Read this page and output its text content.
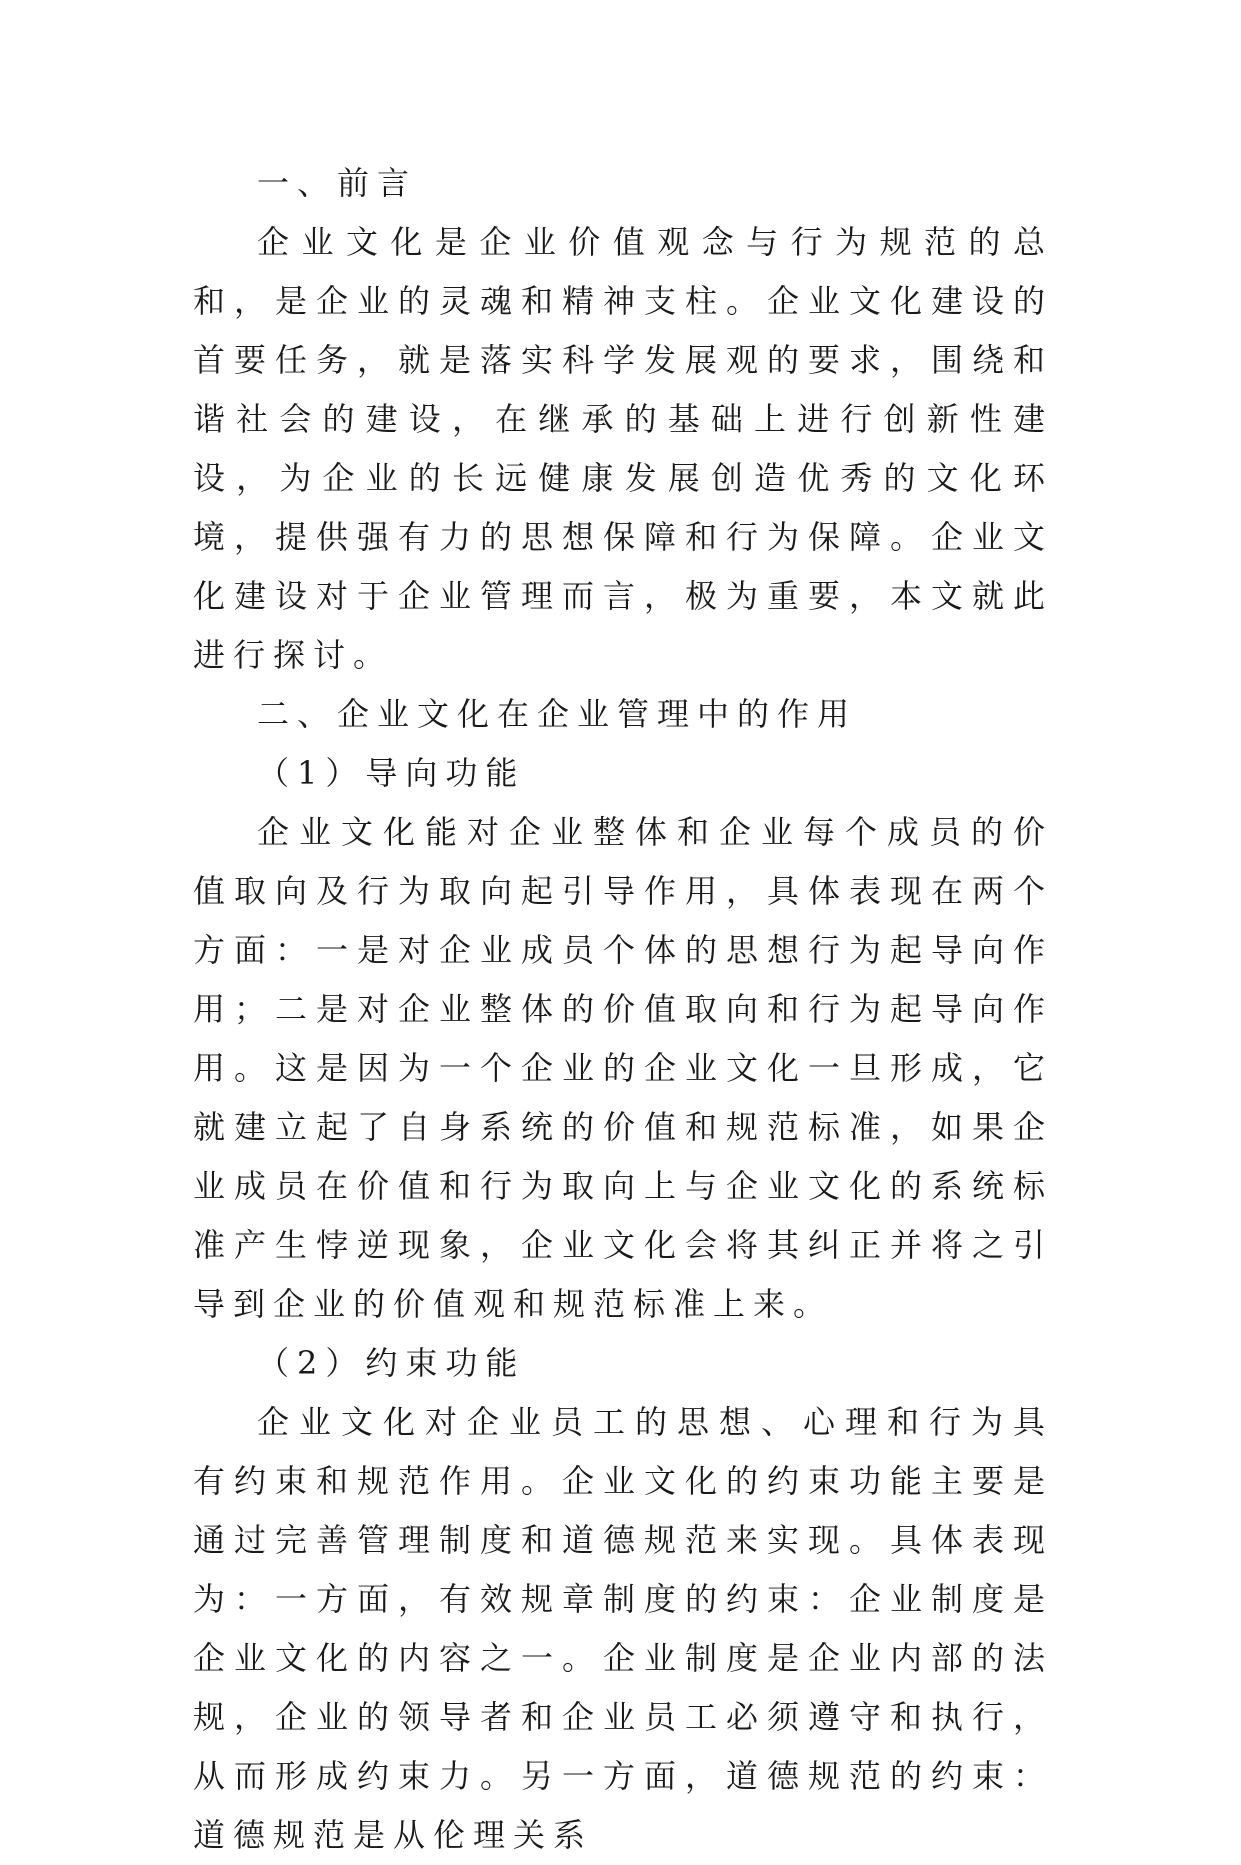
一、前言

企业文化是企业价值观念与行为规范的总和，是企业的灵魂和精神支柱。企业文化建设的首要任务，就是落实科学发展观的要求，围绕和谐社会的建设，在继承的基础上进行创新性建设，为企业的长远健康发展创造优秀的文化环境，提供强有力的思想保障和行为保障。企业文化建设对于企业管理而言，极为重要，本文就此进行探讨。

二、企业文化在企业管理中的作用

（1）导向功能

企业文化能对企业整体和企业每个成员的价值取向及行为取向起引导作用，具体表现在两个方面：一是对企业成员个体的思想行为起导向作用；二是对企业整体的价值取向和行为起导向作用。这是因为一个企业的企业文化一旦形成，它就建立起了自身系统的价值和规范标准，如果企业成员在价值和行为取向上与企业文化的系统标准产生悖逆现象，企业文化会将其纠正并将之引导到企业的价值观和规范标准上来。

（2）约束功能

企业文化对企业员工的思想、心理和行为具有约束和规范作用。企业文化的约束功能主要是通过完善管理制度和道德规范来实现。具体表现为：一方面，有效规章制度的约束：企业制度是企业文化的内容之一。企业制度是企业内部的法规，企业的领导者和企业员工必须遵守和执行，从而形成约束力。另一方面，道德规范的约束：道德规范是从伦理关系
